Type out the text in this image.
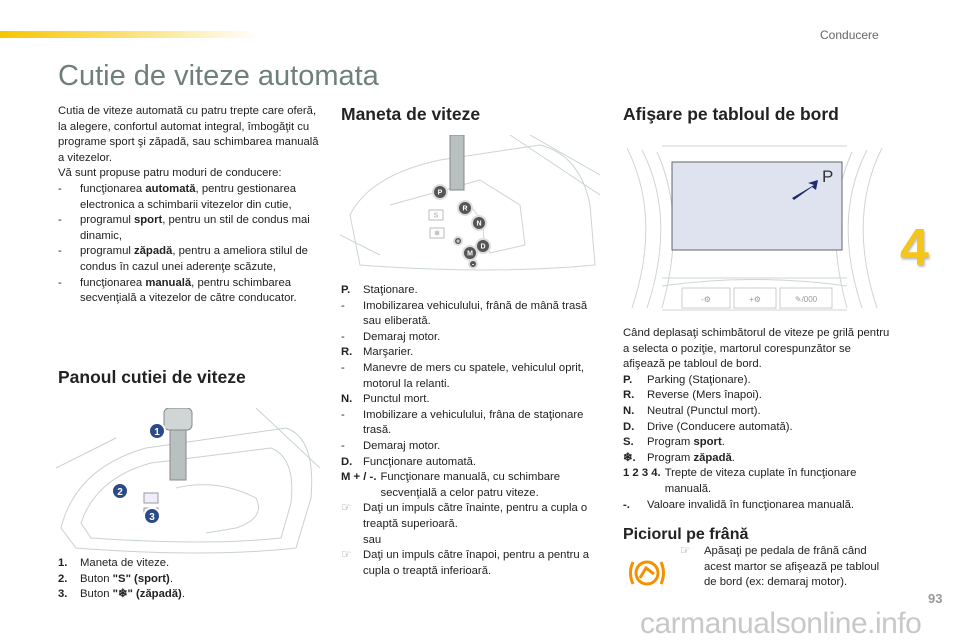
Conducere
Cutie de viteze automata
4
Cutia de viteze automată cu patru trepte care oferă, la alegere, confortul automat integral, îmbogăţit cu programe sport şi zăpadă, sau schimbarea manuală a vitezelor.
Vă sunt propuse patru moduri de conducere:
-	funcţionarea automată, pentru gestionarea electronica a schimbarii vitezelor din cutie,
-	programul sport, pentru un stil de condus mai dinamic,
-	programul zăpadă, pentru a ameliora stilul de condus în cazul unei aderenţe scăzute,
-	funcţionarea manuală, pentru schimbarea secvenţială a vitezelor de către conducator.
Panoul cutiei de viteze
1
2
3
1.	Maneta de viteze.
2.	Buton "S" (sport).
3.	Buton "❄" (zăpadă).
Maneta de viteze
P
R
N
D
M
S
❄
+
-
P.	Staţionare.
-	Imobilizarea vehiculului, frână de mână trasă sau eliberată.
-	Demaraj motor.
R. Marşarier.
-	Manevre de mers cu spatele, vehiculul oprit, motorul la relanti.
N. Punctul mort.
-	Imobilizare a vehiculului, frâna de staţionare trasă.
-	Demaraj motor.
D. Funcţionare automată.
M + / -. Funcţionare manuală, cu schimbare secvenţială a celor patru viteze.
☞	Daţi un impuls către înainte, pentru a cupla o treaptă superioară.
sau
☞	Daţi un impuls către înapoi, pentru a pentru a cupla o treaptă inferioară.
Afişare pe tabloul de bord
P
-⚙	+⚙	✎/000
Când deplasaţi schimbătorul de viteze pe grilă pentru a selecta o poziţie, martorul corespunzător se afişează pe tabloul de bord.
P.	Parking (Staţionare).
R.	Reverse (Mers înapoi).
N.	Neutral (Punctul mort).
D.	Drive (Conducere automată).
S.	Program sport.
❄.	Program zăpadă.
1 2 3 4. Trepte de viteza cuplate în funcţionare manuală.
-.	Valoare invalidă în funcţionarea manuală.
Piciorul pe frână
☞	Apăsaţi pe pedala de frână când acest martor se afişează pe tabloul de bord (ex: demaraj motor).
93
carmanualsonline.info
